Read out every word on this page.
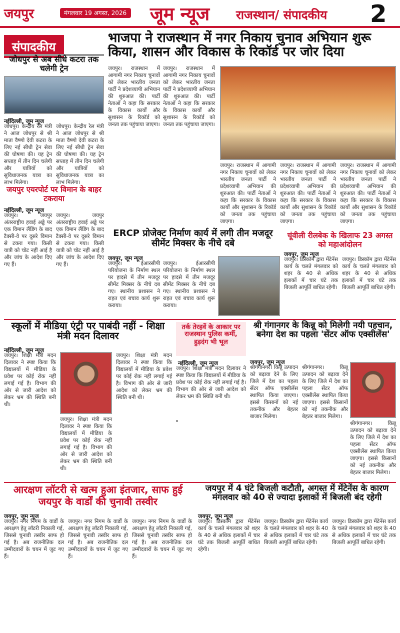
जयपुर	मंगलवार 19 अगस्त, 2026 जूम न्यूज राजस्थान/ संपादकीय 2
संपादकीय
भाजपा ने राजस्थान में नगर निकाय चुनाव अभियान शुरू किया, शासन और विकास के रिकॉर्ड पर जोर दिया
जोधपुर से अब सीधे कटरा तक चलेगी ट्रेन
नईदिल्ली, जूम न्यूज
जोधपुर। केन्द्रीय रेल मंत्री ने आज जोधपुर से श्री माता वैष्णो देवी कटरा के लिए नई सीधी ट्रेन सेवा की घोषणा की। यह ट्रेन सप्ताह में तीन दिन चलेगी और यात्रियों को सुविधाजनक यात्रा का लाभ मिलेगा।
जोधपुर। केन्द्रीय रेल मंत्री ने आज जोधपुर से श्री माता वैष्णो देवी कटरा के लिए नई सीधी ट्रेन सेवा की घोषणा की। यह ट्रेन सप्ताह में तीन दिन चलेगी और यात्रियों को सुविधाजनक यात्रा का लाभ मिलेगा।
जयपुर एयरपोर्ट पर विमान के बाहर टकराया
नईदिल्ली, जूम न्यूज
जयपुर। जयपुर अंतरराष्ट्रीय हवाई अड्डे पर एक विमान लैंडिंग के बाद टैक्सी-वे पर दूसरे विमान से टकरा गया। किसी यात्री को चोट नहीं आई है और जांच के आदेश दिए गए हैं।
जयपुर। जयपुर अंतरराष्ट्रीय हवाई अड्डे पर एक विमान लैंडिंग के बाद टैक्सी-वे पर दूसरे विमान से टकरा गया। किसी यात्री को चोट नहीं आई है और जांच के आदेश दिए गए हैं।
जयपुर। राजस्थान में आगामी नगर निकाय चुनावों को लेकर भारतीय जनता पार्टी ने प्रदेशव्यापी अभियान की शुरुआत की। पार्टी नेताओं ने कहा कि सरकार के विकास कार्यों और सुशासन के रिकॉर्ड को जनता तक पहुंचाया जाएगा।
जयपुर। राजस्थान में आगामी नगर निकाय चुनावों को लेकर भारतीय जनता पार्टी ने प्रदेशव्यापी अभियान की शुरुआत की। पार्टी नेताओं ने कहा कि सरकार के विकास कार्यों और सुशासन के रिकॉर्ड को जनता तक पहुंचाया जाएगा।
जयपुर। राजस्थान में आगामी नगर निकाय चुनावों को लेकर भारतीय जनता पार्टी ने प्रदेशव्यापी अभियान की शुरुआत की। पार्टी नेताओं ने कहा कि सरकार के विकास कार्यों और सुशासन के रिकॉर्ड को जनता तक पहुंचाया जाएगा।
जयपुर। राजस्थान में आगामी नगर निकाय चुनावों को लेकर भारतीय जनता पार्टी ने प्रदेशव्यापी अभियान की शुरुआत की। पार्टी नेताओं ने कहा कि सरकार के विकास कार्यों और सुशासन के रिकॉर्ड को जनता तक पहुंचाया जाएगा।
जयपुर। राजस्थान में आगामी नगर निकाय चुनावों को लेकर भारतीय जनता पार्टी ने प्रदेशव्यापी अभियान की शुरुआत की। पार्टी नेताओं ने कहा कि सरकार के विकास कार्यों और सुशासन के रिकॉर्ड को जनता तक पहुंचाया जाएगा।
ERCP प्रोजेक्ट निर्माण कार्य में लगी तीन मजदूर सीमेंट मिक्सर के नीचे दबे
जयपुर, जूम न्यूज
जयपुर। ईआरसीपी परियोजना के निर्माण स्थल पर हादसे में तीन मजदूर सीमेंट मिक्सर के नीचे दब गए। स्थानीय प्रशासन ने राहत एवं बचाव कार्य शुरू कराया।
जयपुर। ईआरसीपी परियोजना के निर्माण स्थल पर हादसे में तीन मजदूर सीमेंट मिक्सर के नीचे दब गए। स्थानीय प्रशासन ने राहत एवं बचाव कार्य शुरू कराया।
चूंवीली रीलबेक के खिलाफ 23 अगस्त को महाआंदोलन
जयपुर, जूम न्यूज
जयपुर। डिस्कॉम द्वारा मेंटेनेंस कार्य के चलते मंगलवार को शहर के 40 से अधिक इलाकों में चार घंटे तक बिजली आपूर्ति बाधित रहेगी।
जयपुर। डिस्कॉम द्वारा मेंटेनेंस कार्य के चलते मंगलवार को शहर के 40 से अधिक इलाकों में चार घंटे तक बिजली आपूर्ति बाधित रहेगी।
स्कूलों में मीडिया एंट्री पर पाबंदी नहीं - शिक्षा मंत्री मदन दिलावर
नईदिल्ली, जूम न्यूज
जयपुर। शिक्षा मंत्री मदन दिलावर ने स्पष्ट किया कि विद्यालयों में मीडिया के प्रवेश पर कोई रोक नहीं लगाई गई है। विभाग की ओर से जारी आदेश को लेकर भ्रम की स्थिति बनी थी।
जयपुर। शिक्षा मंत्री मदन दिलावर ने स्पष्ट किया कि विद्यालयों में मीडिया के प्रवेश पर कोई रोक नहीं लगाई गई है। विभाग की ओर से जारी आदेश को लेकर भ्रम की स्थिति बनी थी।
जयपुर। शिक्षा मंत्री मदन दिलावर ने स्पष्ट किया कि विद्यालयों में मीडिया के प्रवेश पर कोई रोक नहीं लगाई गई है। विभाग की ओर से जारी आदेश को लेकर भ्रम की स्थिति बनी थी।
तर्क तेरहवें के आकार पर राजस्थान पुलिस कर्मी, हुड़दंग भी भूल
नईदिल्ली, जूम न्यूज
जयपुर। शिक्षा मंत्री मदन दिलावर ने स्पष्ट किया कि विद्यालयों में मीडिया के प्रवेश पर कोई रोक नहीं लगाई गई है। विभाग की ओर से जारी आदेश को लेकर भ्रम की स्थिति बनी थी।
श्री गंगानगर के किन्नू को मिलेगी नयी पहचान, बनेगा देश का पहला 'सेंटर ऑफ एक्सीलेंस'
जयपुर, जूम न्यूज
श्रीगंगानगर। किन्नू उत्पादन को बढ़ावा देने के लिए जिले में देश का पहला सेंटर ऑफ एक्सीलेंस स्थापित किया जाएगा। इससे किसानों को नई तकनीक और बेहतर बाजार मिलेगा।
श्रीगंगानगर। किन्नू उत्पादन को बढ़ावा देने के लिए जिले में देश का पहला सेंटर ऑफ एक्सीलेंस स्थापित किया जाएगा। इससे किसानों को नई तकनीक और बेहतर बाजार मिलेगा।
श्रीगंगानगर। किन्नू उत्पादन को बढ़ावा देने के लिए जिले में देश का पहला सेंटर ऑफ एक्सीलेंस स्थापित किया जाएगा। इससे किसानों को नई तकनीक और बेहतर बाजार मिलेगा।
आरक्षण लॉटरी से खत्म हुआ इंतजार, साफ हुई जयपुर के वार्डों की चुनावी तस्वीर
जयपुर, जूम न्यूज
जयपुर। नगर निगम के वार्डों के आरक्षण हेतु लॉटरी निकाली गई, जिससे चुनावी तस्वीर साफ हो गई है। अब राजनीतिक दल उम्मीदवारों के चयन में जुट गए हैं।
जयपुर। नगर निगम के वार्डों के आरक्षण हेतु लॉटरी निकाली गई, जिससे चुनावी तस्वीर साफ हो गई है। अब राजनीतिक दल उम्मीदवारों के चयन में जुट गए हैं।
जयपुर। नगर निगम के वार्डों के आरक्षण हेतु लॉटरी निकाली गई, जिससे चुनावी तस्वीर साफ हो गई है। अब राजनीतिक दल उम्मीदवारों के चयन में जुट गए हैं।
जयपुर में 4 घंटे बिजली कटौती, अगस्त में मेंटेनेंस के कारण मंगलवार को 40 से ज्यादा इलाकों में बिजली बंद रहेगी
जयपुर, जूम न्यूज
जयपुर। डिस्कॉम द्वारा मेंटेनेंस कार्य के चलते मंगलवार को शहर के 40 से अधिक इलाकों में चार घंटे तक बिजली आपूर्ति बाधित रहेगी।
जयपुर। डिस्कॉम द्वारा मेंटेनेंस कार्य के चलते मंगलवार को शहर के 40 से अधिक इलाकों में चार घंटे तक बिजली आपूर्ति बाधित रहेगी।
जयपुर। डिस्कॉम द्वारा मेंटेनेंस कार्य के चलते मंगलवार को शहर के 40 से अधिक इलाकों में चार घंटे तक बिजली आपूर्ति बाधित रहेगी।
